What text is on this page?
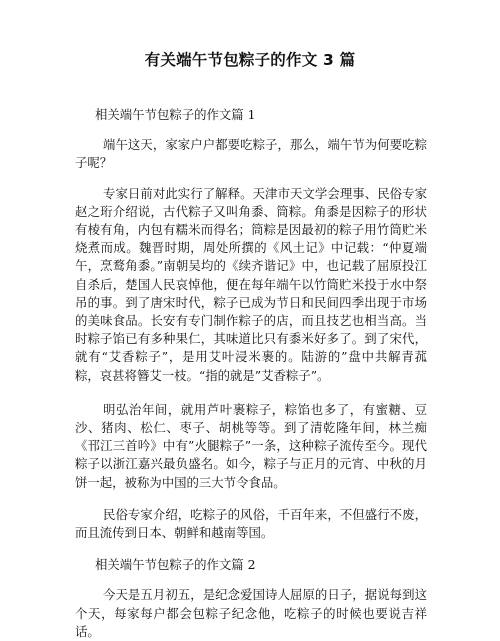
有关端午节包粽子的作文 3 篇

相关端午节包粽子的作文篇 1

端午这天，家家户户都要吃粽子，那么，端午节为何要吃粽子呢？

专家日前对此实行了解释。天津市天文学会理事、民俗专家赵之珩介绍说，古代粽子又叫角黍、筒粽。角黍是因粽子的形状有棱有角，内包有糯米而得名；筒粽是因最初的粽子用竹筒贮米烧煮而成。魏晋时期，周处所撰的《风土记》中记载：“仲夏端午，烹鹜角黍。”南朝吴均的《续齐谐记》中，也记载了屈原投江自杀后，楚国人民哀悼他，便在每年端午以竹筒贮米投于水中祭吊的事。到了唐宋时代，粽子已成为节日和民间四季出现于市场的美味食品。长安有专门制作粽子的店，而且技艺也相当高。当时粽子馅已有多种果仁，其味道比只有黍米好多了。到了宋代，就有“艾香粽子”，是用艾叶浸米裹的。陆游的”盘中共解青菰粽，哀甚将簪艾一枝。“指的就是”艾香粽子”。

明弘治年间，就用芦叶裹粽子，粽馅也多了，有蜜糖、豆沙、猪肉、松仁、枣子、胡桃等等。到了清乾隆年间，林兰痴《邗江三首吟》中有”火腿粽子”一条，这种粽子流传至今。现代粽子以浙江嘉兴最负盛名。如今，粽子与正月的元宵、中秋的月饼一起，被称为中国的三大节令食品。

民俗专家介绍，吃粽子的风俗，千百年来，不但盛行不废，而且流传到日本、朝鲜和越南等国。

相关端午节包粽子的作文篇 2

今天是五月初五，是纪念爱国诗人屈原的日子，据说每到这个天，每家每户都会包粽子纪念他，吃粽子的时候也要说吉祥话。
